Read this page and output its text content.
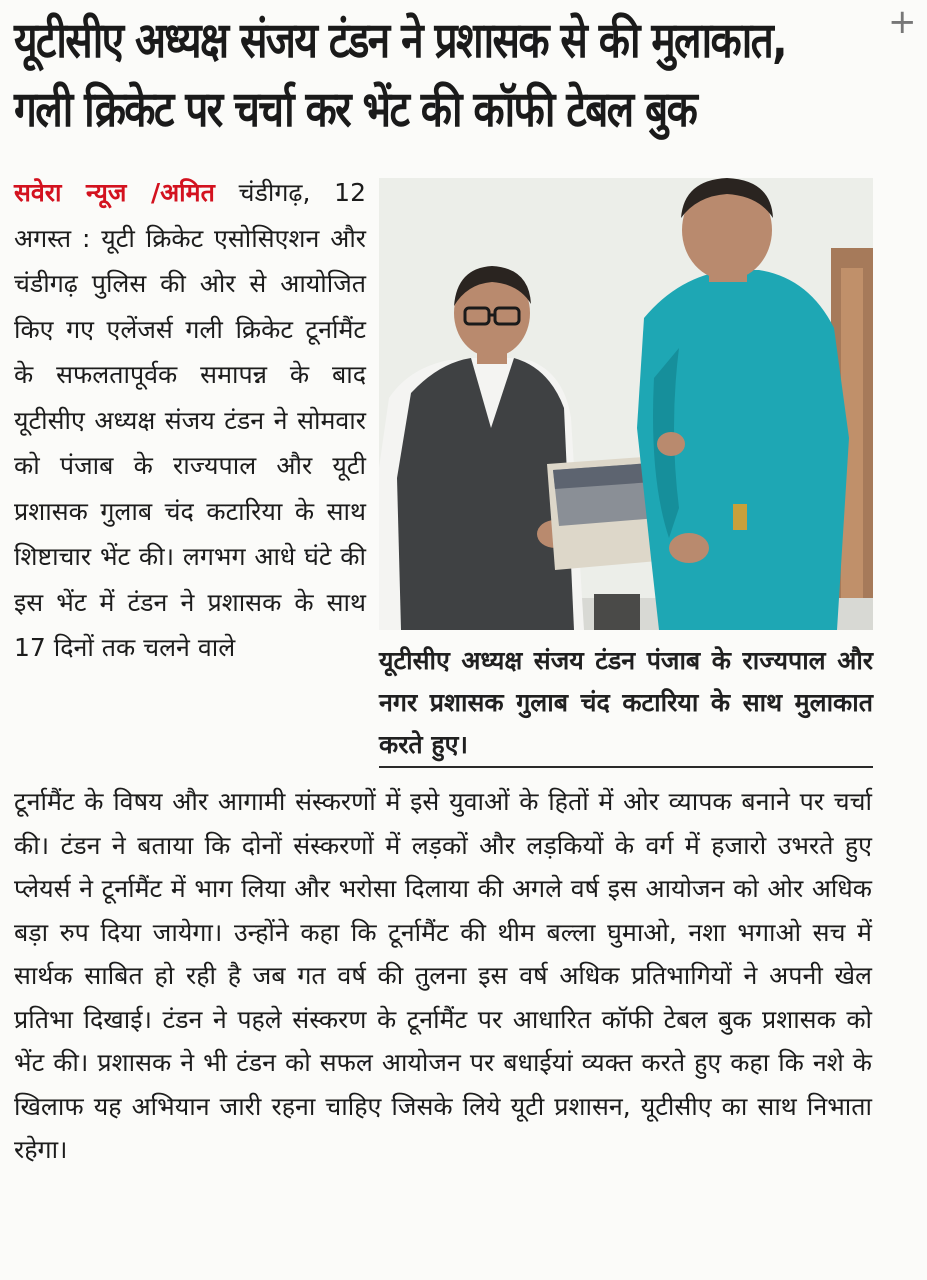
यूटीसीए अध्यक्ष संजय टंडन ने प्रशासक से की मुलाकात,
गली क्रिकेट पर चर्चा कर भेंट की कॉफी टेबल बुक
+
सवेरा न्यूज /अमित चंडीगढ़, 12 अगस्त : यूटी क्रिकेट एसोसिएशन और चंडीगढ़ पुलिस की ओर से आयोजित किए गए एलेंजर्स गली क्रिकेट टूर्नामैंट के सफलतापूर्वक समापन्न के बाद यूटीसीए अध्यक्ष संजय टंडन ने सोमवार को पंजाब के राज्यपाल और यूटी प्रशासक गुलाब चंद कटारिया के साथ शिष्टाचार भेंट की। लगभग आधे घंटे की इस भेंट में टंडन ने प्रशासक के साथ 17 दिनों तक चलने वाले	यूटीसीए अध्यक्ष संजय टंडन पंजाब के राज्यपाल और नगर प्रशासक गुलाब चंद कटारिया के साथ मुलाकात करते हुए।
टूर्नामैंट के विषय और आगामी संस्करणों में इसे युवाओं के हितों में ओर व्यापक बनाने पर चर्चा की। टंडन ने बताया कि दोनों संस्करणों में लड़कों और लड़कियों के वर्ग में हजारो उभरते हुए प्लेयर्स ने टूर्नामैंट में भाग लिया और भरोसा दिलाया की अगले वर्ष इस आयोजन को ओर अधिक बड़ा रुप दिया जायेगा। उन्होंने कहा कि टूर्नामैंट की थीम बल्ला घुमाओ, नशा भगाओ सच में सार्थक साबित हो रही है जब गत वर्ष की तुलना इस वर्ष अधिक प्रतिभागियों ने अपनी खेल प्रतिभा दिखाई। टंडन ने पहले संस्करण के टूर्नामैंट पर आधारित कॉफी टेबल बुक प्रशासक को भेंट की। प्रशासक ने भी टंडन को सफल आयोजन पर बधाईयां व्यक्त करते हुए कहा कि नशे के खिलाफ यह अभियान जारी रहना चाहिए जिसके लिये यूटी प्रशासन, यूटीसीए का साथ निभाता रहेगा।
